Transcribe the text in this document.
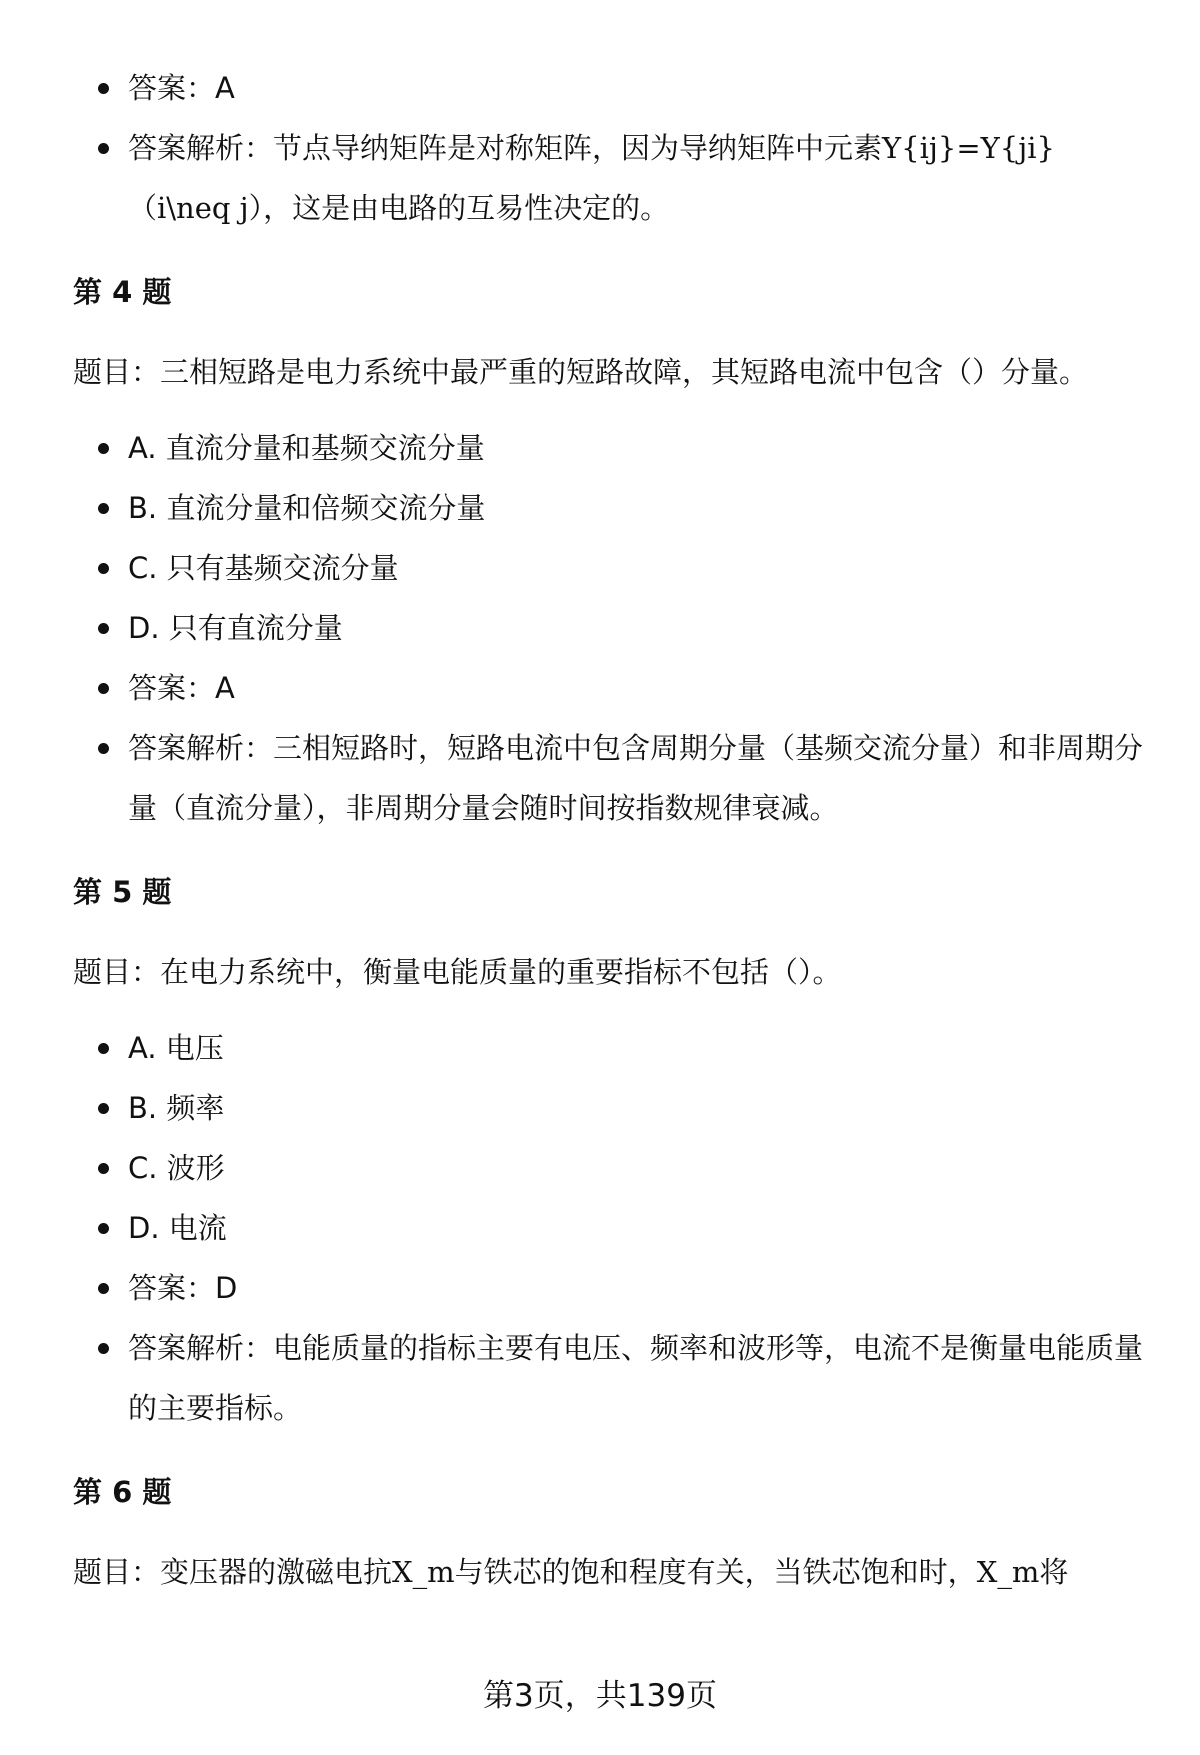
答案：A
答案解析：节点导纳矩阵是对称矩阵，因为导纳矩阵中元素Y{ij}=Y{ji}（i\neq j），这是由电路的互易性决定的。

第 4 题

题目：三相短路是电力系统中最严重的短路故障，其短路电流中包含（）分量。

A. 直流分量和基频交流分量
B. 直流分量和倍频交流分量
C. 只有基频交流分量
D. 只有直流分量
答案：A
答案解析：三相短路时，短路电流中包含周期分量（基频交流分量）和非周期分量（直流分量），非周期分量会随时间按指数规律衰减。

第 5 题

题目：在电力系统中，衡量电能质量的重要指标不包括（）。

A. 电压
B. 频率
C. 波形
D. 电流
答案：D
答案解析：电能质量的指标主要有电压、频率和波形等，电流不是衡量电能质量的主要指标。

第 6 题

题目：变压器的激磁电抗X_m与铁芯的饱和程度有关，当铁芯饱和时，X_m将

第3页，共139页
